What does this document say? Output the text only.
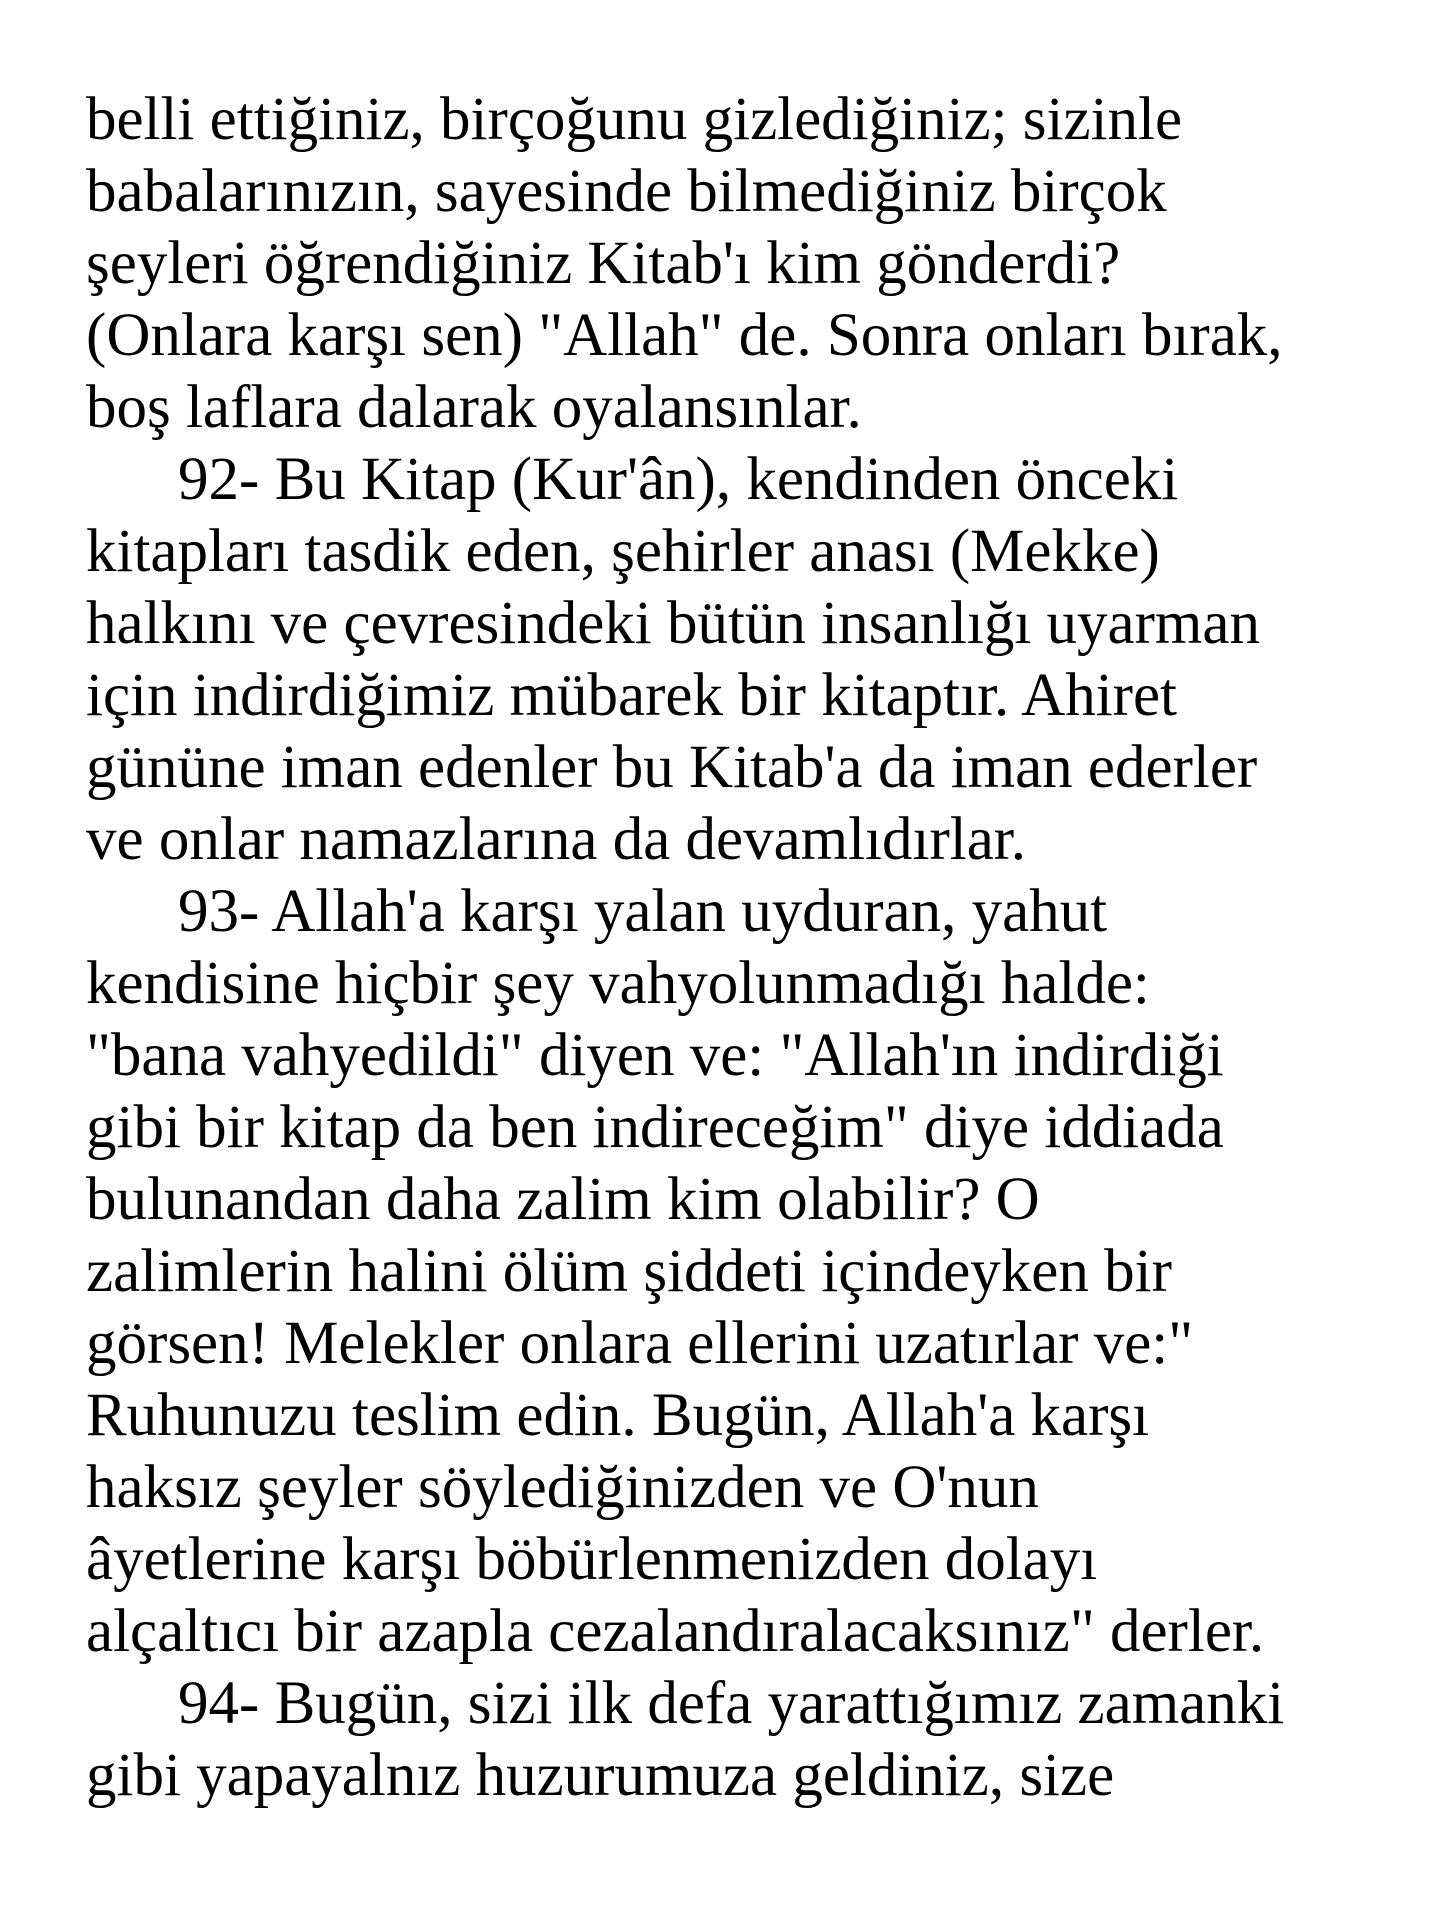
belli ettiğiniz, birçoğunu gizlediğiniz; sizinle
babalarınızın, sayesinde bilmediğiniz birçok
şeyleri öğrendiğiniz Kitab'ı kim gönderdi?
(Onlara karşı sen) "Allah" de. Sonra onları bırak,
boş laflara dalarak oyalansınlar.
92- Bu Kitap (Kur'ân), kendinden önceki
kitapları tasdik eden, şehirler anası (Mekke)
halkını ve çevresindeki bütün insanlığı uyarman
için indirdiğimiz mübarek bir kitaptır. Ahiret
gününe iman edenler bu Kitab'a da iman ederler
ve onlar namazlarına da devamlıdırlar.
93- Allah'a karşı yalan uyduran, yahut
kendisine hiçbir şey vahyolunmadığı halde:
"bana vahyedildi" diyen ve: "Allah'ın indirdiği
gibi bir kitap da ben indireceğim" diye iddiada
bulunandan daha zalim kim olabilir? O
zalimlerin halini ölüm şiddeti içindeyken bir
görsen! Melekler onlara ellerini uzatırlar ve:"
Ruhunuzu teslim edin. Bugün, Allah'a karşı
haksız şeyler söylediğinizden ve O'nun
âyetlerine karşı böbürlenmenizden dolayı
alçaltıcı bir azapla cezalandıralacaksınız" derler.
94- Bugün, sizi ilk defa yarattığımız zamanki
gibi yapayalnız huzurumuza geldiniz, size
